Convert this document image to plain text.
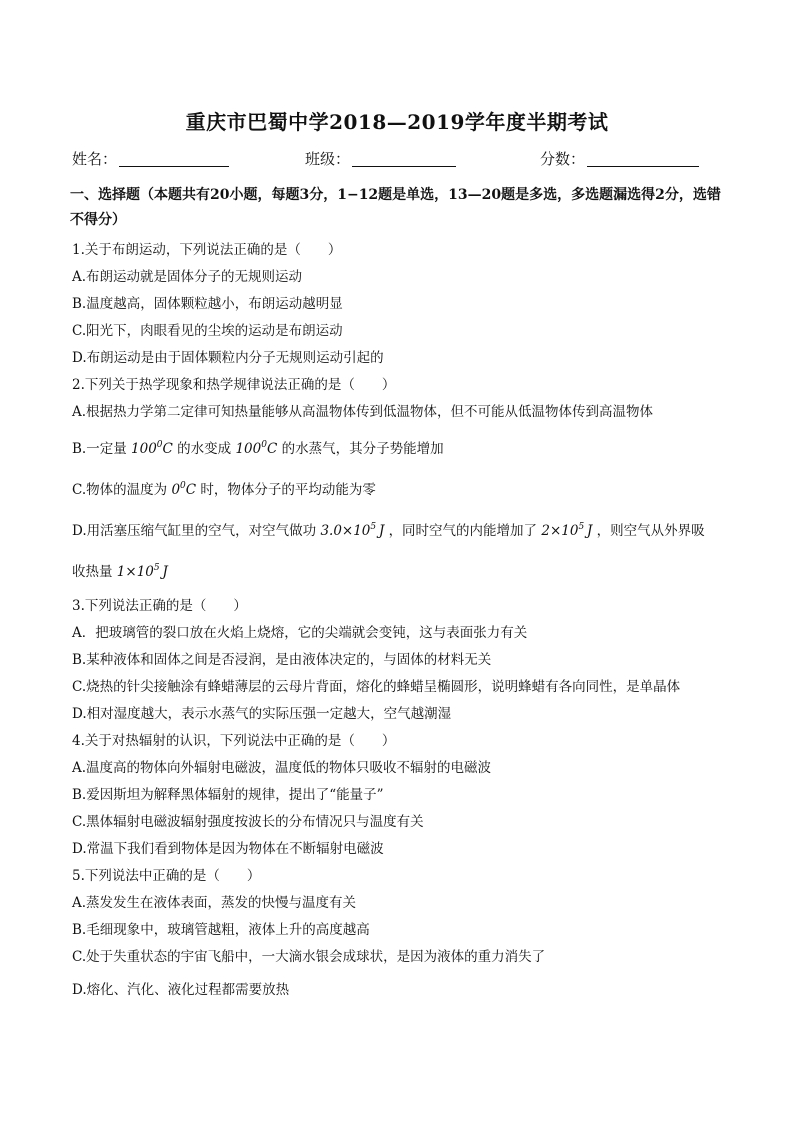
重庆市巴蜀中学2018—2019学年度半期考试
姓名：	班级：	分数：
一、选择题（本题共有20小题，每题3分，1−12题是单选，13—20题是多选，多选题漏选得2分，选错不得分）
1.关于布朗运动，下列说法正确的是（　　）
A.布朗运动就是固体分子的无规则运动
B.温度越高，固体颗粒越小，布朗运动越明显
C.阳光下，肉眼看见的尘埃的运动是布朗运动
D.布朗运动是由于固体颗粒内分子无规则运动引起的
2.下列关于热学现象和热学规律说法正确的是（　　）
A.根据热力学第二定律可知热量能够从高温物体传到低温物体，但不可能从低温物体传到高温物体
B.一定量 $100^0C$ 的水变成 $100^0C$ 的水蒸气，其分子势能增加
C.物体的温度为 $0^0C$ 时，物体分子的平均动能为零
D.用活塞压缩气缸里的空气，对空气做功 $3.0\times 10^5$  J ，同时空气的内能增加了 $2\times 10^5$  J ，则空气从外界吸
收热量 $1\times 10^5$  J
3.下列说法正确的是（　　）
A．把玻璃管的裂口放在火焰上烧熔，它的尖端就会变钝，这与表面张力有关
B.某种液体和固体之间是否浸润，是由液体决定的，与固体的材料无关
C.烧热的针尖接触涂有蜂蜡薄层的云母片背面，熔化的蜂蜡呈椭圆形，说明蜂蜡有各向同性，是单晶体
D.相对湿度越大，表示水蒸气的实际压强一定越大，空气越潮湿
4.关于对热辐射的认识，下列说法中正确的是（　　）
A.温度高的物体向外辐射电磁波，温度低的物体只吸收不辐射的电磁波
B.爱因斯坦为解释黑体辐射的规律，提出了“能量子”
C.黑体辐射电磁波辐射强度按波长的分布情况只与温度有关
D.常温下我们看到物体是因为物体在不断辐射电磁波
5.下列说法中正确的是（　　）
A.蒸发发生在液体表面，蒸发的快慢与温度有关
B.毛细现象中，玻璃管越粗，液体上升的高度越高
C.处于失重状态的宇宙飞船中，一大滴水银会成球状，是因为液体的重力消失了
D.熔化、汽化、液化过程都需要放热
